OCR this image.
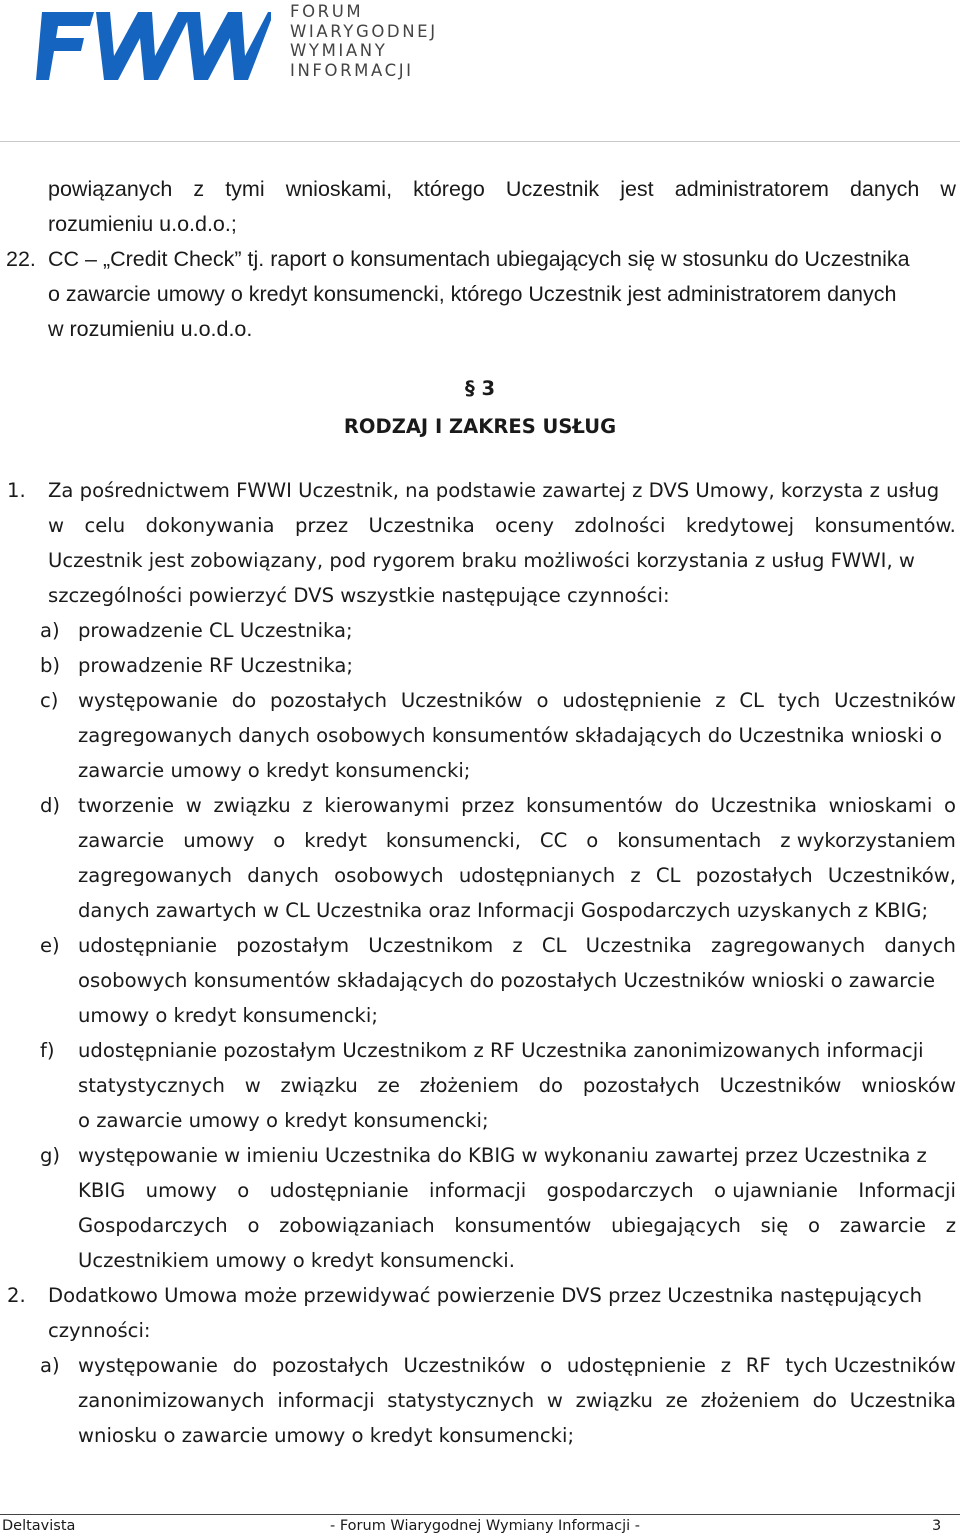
FORUM
WIARYGODNEJ
WYMIANY
INFORMACJI
powiązanych z tymi wnioskami, którego Uczestnik jest administratorem danych w
rozumieniu u.o.d.o.;
22. CC – „Credit Check” tj. raport o konsumentach ubiegających się w stosunku do Uczestnika
o zawarcie umowy o kredyt konsumencki, którego Uczestnik jest administratorem danych
w rozumieniu u.o.d.o.
§ 3
RODZAJ I ZAKRES USŁUG
1. Za pośrednictwem FWWI Uczestnik, na podstawie zawartej z DVS Umowy, korzysta z usług
w celu dokonywania przez Uczestnika oceny zdolności kredytowej konsumentów.
Uczestnik jest zobowiązany, pod rygorem braku możliwości korzystania z usług FWWI, w
szczególności powierzyć DVS wszystkie następujące czynności:
a) prowadzenie CL Uczestnika;
b) prowadzenie RF Uczestnika;
c) występowanie do pozostałych Uczestników o udostępnienie z CL tych Uczestników
zagregowanych danych osobowych konsumentów składających do Uczestnika wnioski o
zawarcie umowy o kredyt konsumencki;
d) tworzenie w związku z kierowanymi przez konsumentów do Uczestnika wnioskami o
zawarcie umowy o kredyt konsumencki, CC o konsumentach z wykorzystaniem
zagregowanych danych osobowych udostępnianych z CL pozostałych Uczestników,
danych zawartych w CL Uczestnika oraz Informacji Gospodarczych uzyskanych z KBIG;
e) udostępnianie pozostałym Uczestnikom z CL Uczestnika zagregowanych danych
osobowych konsumentów składających do pozostałych Uczestników wnioski o zawarcie
umowy o kredyt konsumencki;
f) udostępnianie pozostałym Uczestnikom z RF Uczestnika zanonimizowanych informacji
statystycznych w związku ze złożeniem do pozostałych Uczestników wniosków
o zawarcie umowy o kredyt konsumencki;
g) występowanie w imieniu Uczestnika do KBIG w wykonaniu zawartej przez Uczestnika z
KBIG umowy o udostępnianie informacji gospodarczych o ujawnianie Informacji
Gospodarczych o zobowiązaniach konsumentów ubiegających się o zawarcie z
Uczestnikiem umowy o kredyt konsumencki.
2. Dodatkowo Umowa może przewidywać powierzenie DVS przez Uczestnika następujących
czynności:
a) występowanie do pozostałych Uczestników o udostępnienie z RF tych Uczestników
zanonimizowanych informacji statystycznych w związku ze złożeniem do Uczestnika
wniosku o zawarcie umowy o kredyt konsumencki;
Deltavista	- Forum Wiarygodnej Wymiany Informacji -	3
